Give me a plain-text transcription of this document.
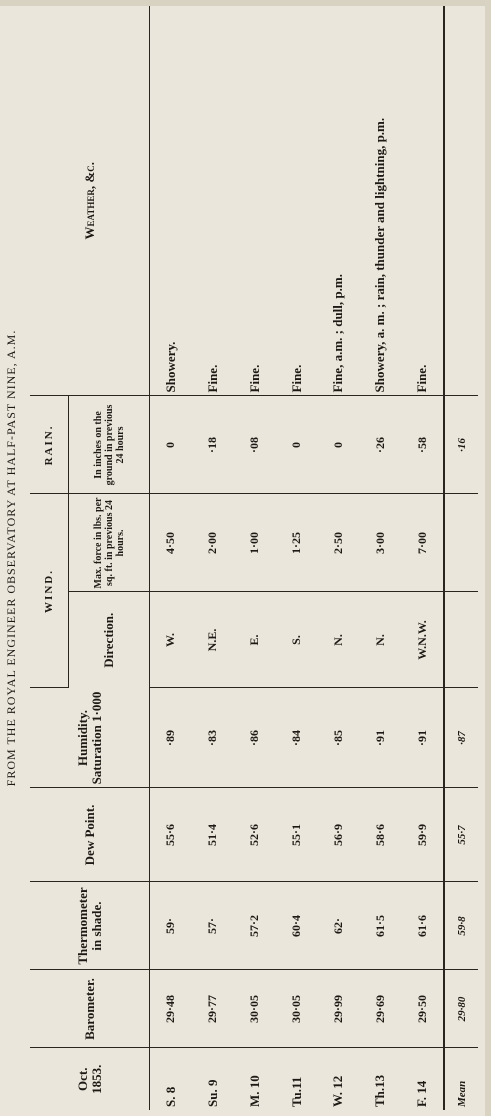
FROM THE ROYAL ENGINEER OBSERVATORY AT HALF-PAST NINE, A.M.
Oct. 1853.	Barometer.	Thermometer in shade.	Dew Point.	Humidity. Saturation 1·000	WIND.		RAIN.	Weather, &c.
					Direction.	Max. force in lbs. per sq. ft. in previous 24 hours.	In inches on the ground in previous 24 hours	
S. 8	29·48	59·	55·6	·89	W.	4·50	0	Showery.
Su. 9	29·77	57·	51·4	·83	N.E.	2·00	·18	Fine.
M. 10	30·05	57·2	52·6	·86	E.	1·00	·08	Fine.
Tu.11	30·05	60·4	55·1	·84	S.	1·25	0	Fine.
W. 12	29·99	62·	56·9	·85	N.	2·50	0	Fine, a.m. ; dull, p.m.
Th.13	29·69	61·5	58·6	·91	N.	3·00	·26	Showery, a. m. ; rain, thunder and lightning, p.m.
F. 14	29·50	61·6	59·9	·91	W.N.W.	7·00	·58	Fine.
Mean	29·80	59·8	55·7	·87			·16	
